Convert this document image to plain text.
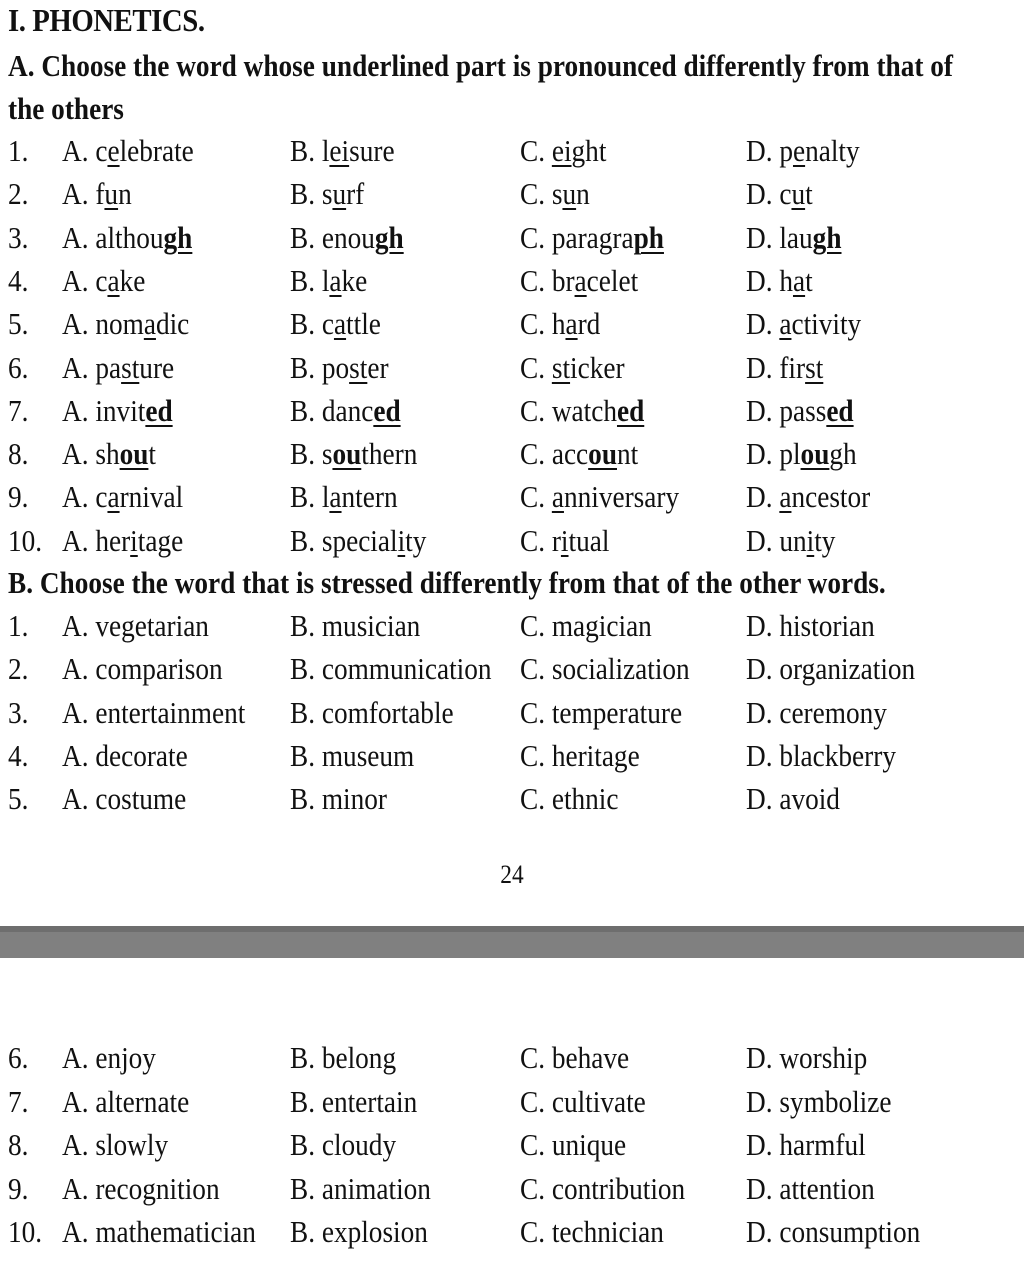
I. PHONETICS.
A. Choose the word whose underlined part is pronounced differently from that of the others
1. A. celebrate	B. leisure	C. eight	D. penalty
2. A. fun	B. surf	C. sun	D. cut
3. A. although	B. enough	C. paragraph	D. laugh
4. A. cake	B. lake	C. bracelet	D. hat
5. A. nomadic	B. cattle	C. hard	D. activity
6. A. pasture	B. poster	C. sticker	D. first
7. A. invited	B. danced	C. watched	D. passed
8. A. shout	B. southern	C. account	D. plough
9. A. carnival	B. lantern	C. anniversary D. ancestor
10. A. heritage	B. speciality	C. ritual	D. unity
B. Choose the word that is stressed differently from that of the other words.
1. A. vegetarian	B. musician	C. magician	D. historian
2. A. comparison B. communication C. socialization D. organization
3. A. entertainment B. comfortable C. temperature D. ceremony
4. A. decorate	B. museum	C. heritage	D. blackberry
5. A. costume	B. minor	C. ethnic	D. avoid
24
6. A. enjoy	B. belong	C. behave	D. worship
7. A. alternate	B. entertain	C. cultivate	D. symbolize
8. A. slowly	B. cloudy	C. unique	D. harmful
9. A. recognition B. animation	C. contribution D. attention
10. A. mathematician B. explosion	C. technician	D. consumption
